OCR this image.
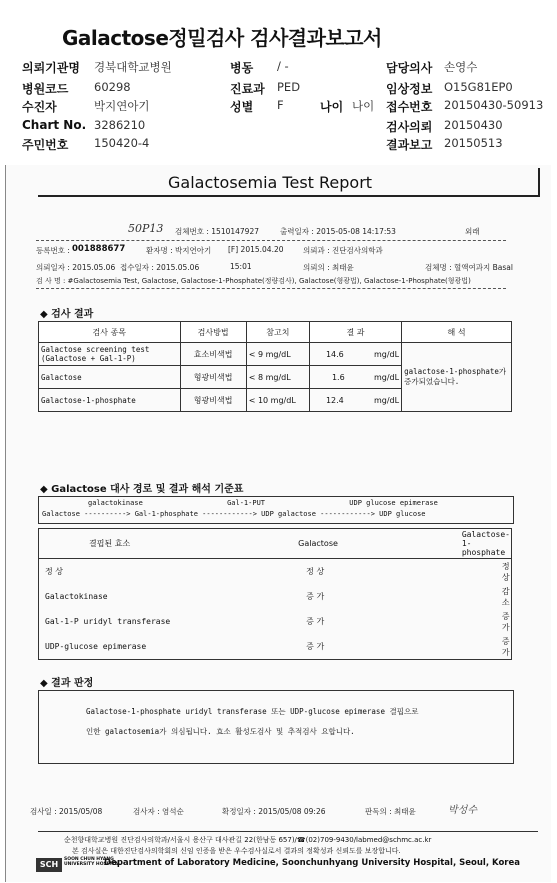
Galactose정밀검사 검사결과보고서
의뢰기관명 경북대학교병원	병동 / -	담당의사 손영수
병원코드 60298	진료과 PED	임상정보 O15G81EP0
수진자	박지연아기	성별 F	나이 나이 접수번호 20150430-50913
Chart No. 3286210	검사의뢰 20150430
주민번호 150420-4	결과보고 20150513
Galactosemia Test Report
50P13 검체번호 : 1510147927	출력일자 : 2015-05-08 14:17:53	외래
등록번호 : 001888677	환자명 : 박지연아기 [F] 2015.04.20	의뢰과 : 진단검사의학과
의뢰일자 : 2015.05.06 접수일자 : 2015.05.06	15:01	의뢰의 : 최태윤	검체명 : 혈액여과지 Basal
검 사 명 : #Galactosemia Test, Galactose, Galactose-1-Phosphate(정량검사), Galactose(형광법), Galactose-1-Phosphate(형광법)
◆ 검사 결과
검사 종목	검사방법	참고치	결 과	해 석
Galactose screening test
(Galactose + Gal-1-P)	효소비색법	< 9 mg/dL	14.6 mg/dL	galactose-1-phosphate가 증가되었습니다.
Galactose	형광비색법	< 8 mg/dL	1.6 mg/dL	

Galactose-1-phosphate	형광비색법	< 10 mg/dL	12.4 mg/dL	
◆ Galactose 대사 경로 및 결과 해석 기준표
galactokinase                    Gal-1-PUT                    UDP glucose epimerase
Galactose ----------> Gal-1-phosphate ------------> UDP galactose ------------> UDP glucose
결핍된 효소	Galactose	Galactose-1-phosphate
정 상	정 상	정 상
Galactokinase	증 가	감 소
Gal-1-P uridyl transferase	증 가	증 가
UDP-glucose epimerase	증 가	증 가
◆ 결과 판정
Galactose-1-phosphate uridyl transferase 또는 UDP-glucose epimerase 결핍으로
인한 galactosemia가 의심됩니다. 효소 활성도검사 및 추적검사 요합니다.
검사일 : 2015/05/08	검사자 : 염석순	확정일자 : 2015/05/08 09:26	판독의 : 최태윤	박성수
순천향대학교병원 진단검사의학과/서울시 용산구 대사관길 22(한남동 657)/☎(02)709-9430/labmed@schmc.ac.kr
본 검사실은 대한진단검사의학회의 신임 인증을 받은 우수검사실로서 결과의 정확성과 신뢰도를 보장합니다.
SCH
SOON CHUN HYANG
UNIVERSITY HOSPITAL
Department of Laboratory Medicine, Soonchunhyang University Hospital, Seoul, Korea
